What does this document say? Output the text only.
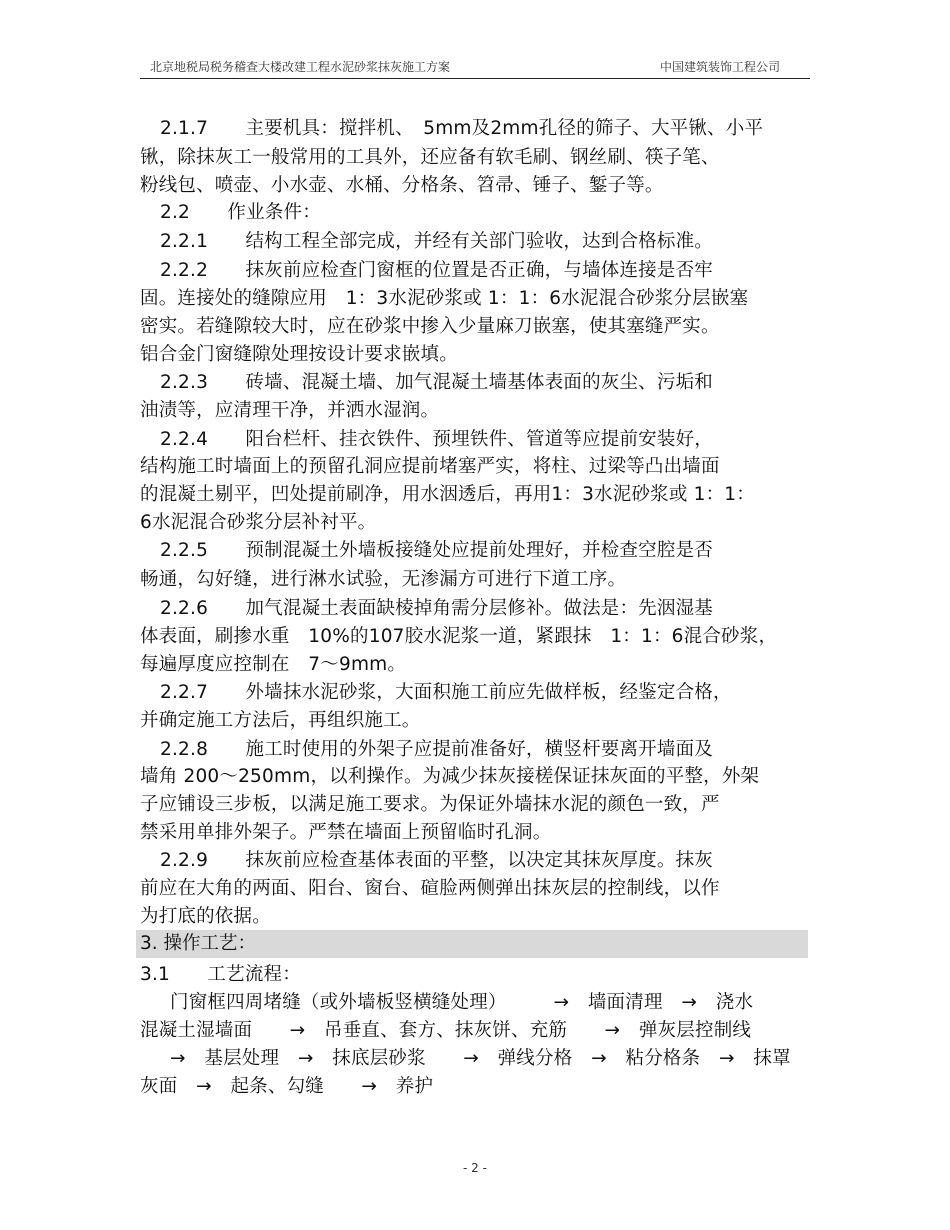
北京地税局税务稽查大楼改建工程水泥砂浆抹灰施工方案	中国建筑装饰工程公司
2.1.7　　主要机具：搅拌机、　5mm及2mm孔径的筛子、大平锹、小平
锹，除抹灰工一般常用的工具外，还应备有软毛刷、钢丝刷、筷子笔、
粉线包、喷壶、小水壶、水桶、分格条、笤帚、锤子、錾子等。
2.2　　作业条件：
2.2.1　　结构工程全部完成，并经有关部门验收，达到合格标准。
2.2.2　　抹灰前应检查门窗框的位置是否正确，与墙体连接是否牢
固。连接处的缝隙应用　1：3水泥砂浆或 1：1：6水泥混合砂浆分层嵌塞
密实。若缝隙较大时，应在砂浆中掺入少量麻刀嵌塞，使其塞缝严实。
铝合金门窗缝隙处理按设计要求嵌填。
2.2.3　　砖墙、混凝土墙、加气混凝土墙基体表面的灰尘、污垢和
油渍等，应清理干净，并洒水湿润。
2.2.4　　阳台栏杆、挂衣铁件、预埋铁件、管道等应提前安装好，
结构施工时墙面上的预留孔洞应提前堵塞严实，将柱、过梁等凸出墙面
的混凝土剔平，凹处提前刷净，用水洇透后，再用1：3水泥砂浆或 1：1：
6水泥混合砂浆分层补衬平。
2.2.5　　预制混凝土外墙板接缝处应提前处理好，并检查空腔是否
畅通，勾好缝，进行淋水试验，无渗漏方可进行下道工序。
2.2.6　　加气混凝土表面缺棱掉角需分层修补。做法是：先洇湿基
体表面，刷掺水重　10%的107胶水泥浆一道，紧跟抹　1：1：6混合砂浆，
每遍厚度应控制在　7～9mm。
2.2.7　　外墙抹水泥砂浆，大面积施工前应先做样板，经鉴定合格，
并确定施工方法后，再组织施工。
2.2.8　　施工时使用的外架子应提前准备好，横竖杆要离开墙面及
墙角 200～250mm，以利操作。为减少抹灰接槎保证抹灰面的平整，外架
子应铺设三步板，以满足施工要求。为保证外墙抹水泥的颜色一致，严
禁采用单排外架子。严禁在墙面上预留临时孔洞。
2.2.9　　抹灰前应检查基体表面的平整，以决定其抹灰厚度。抹灰
前应在大角的两面、阳台、窗台、碹脸两侧弹出抹灰层的控制线，以作
为打底的依据。
3. 操作工艺：
3.1　　工艺流程：
门窗框四周堵缝（或外墙板竖横缝处理）　　　→　墙面清理　→　浇水
混凝土湿墙面　　→　吊垂直、套方、抹灰饼、充筋　　→　弹灰层控制线
→　基层处理　→　抹底层砂浆　　→　弹线分格　→　粘分格条　→　抹罩
灰面　→　起条、勾缝　　→　养护
- 2 -
